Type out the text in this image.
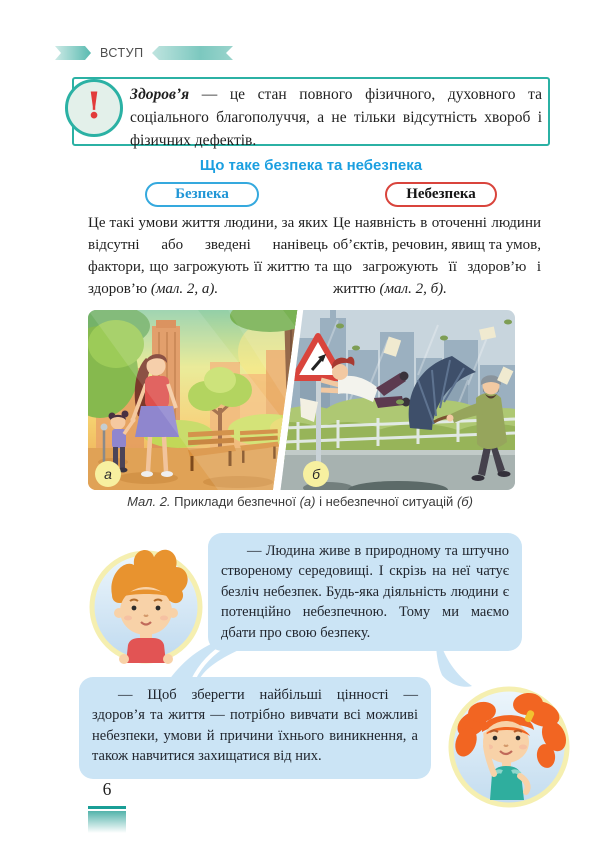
ВСТУП
! Здоров’я — це стан повного фізичного, духовного та соціального благополуччя, а не тільки відсутність хвороб і фізичних дефектів.

Що таке безпека та небезпека
Безпека	Небезпека

Це такі умови життя людини, за яких відсутні або зведені нанівець фактори, що загрожують її життю та здоров’ю (мал. 2, а).

Це наявність в оточенні людини об’єктів, речовин, явищ та умов, що загрожують її здоров’ю і життю (мал. 2, б).

а	б
Мал. 2. Приклади безпечної (а) і небезпечної ситуацій (б)

— Людина живе в природному та штучно створеному середовищі. І скрізь на неї чатує безліч небезпек. Будь-яка діяльність людини є потенційно небезпечною. Тому ми маємо дбати про свою безпеку.

— Щоб зберегти найбільші цінності — здоров’я та життя — потрібно вивчати всі можливі небезпеки, умови й причини їхнього виникнення, а також навчитися захищатися від них.

6
